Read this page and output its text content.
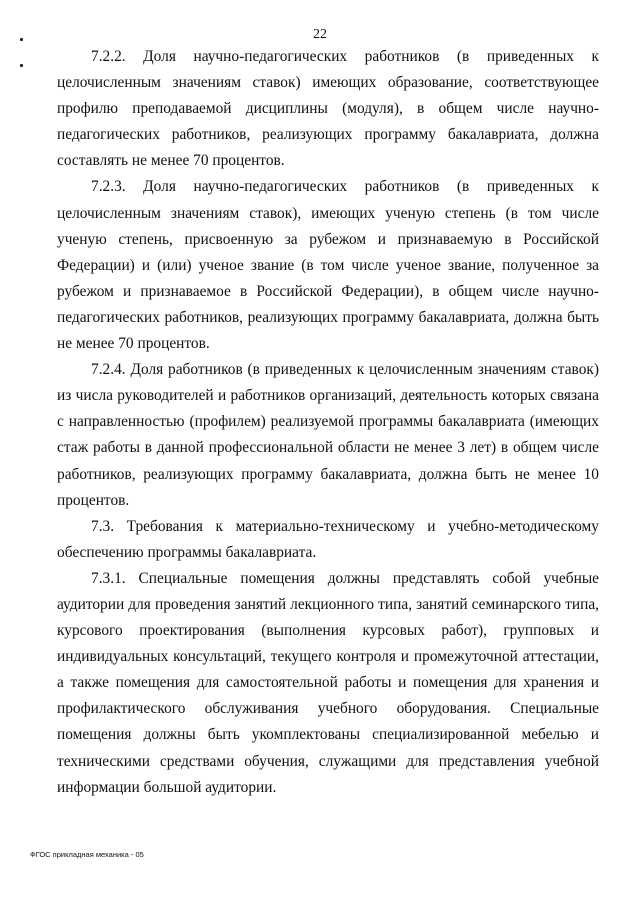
22

7.2.2. Доля научно-педагогических работников (в приведенных к целочисленным значениям ставок) имеющих образование, соответствующее профилю преподаваемой дисциплины (модуля), в общем числе научно-педагогических работников, реализующих программу бакалавриата, должна составлять не менее 70 процентов.

7.2.3. Доля научно-педагогических работников (в приведенных к целочисленным значениям ставок), имеющих ученую степень (в том числе ученую степень, присвоенную за рубежом и признаваемую в Российской Федерации) и (или) ученое звание (в том числе ученое звание, полученное за рубежом и признаваемое в Российской Федерации), в общем числе научно-педагогических работников, реализующих программу бакалавриата, должна быть не менее 70 процентов.

7.2.4. Доля работников (в приведенных к целочисленным значениям ставок) из числа руководителей и работников организаций, деятельность которых связана с направленностью (профилем) реализуемой программы бакалавриата (имеющих стаж работы в данной профессиональной области не менее 3 лет) в общем числе работников, реализующих программу бакалавриата, должна быть не менее 10 процентов.

7.3. Требования к материально-техническому и учебно-методическому обеспечению программы бакалавриата.

7.3.1. Специальные помещения должны представлять собой учебные аудитории для проведения занятий лекционного типа, занятий семинарского типа, курсового проектирования (выполнения курсовых работ), групповых и индивидуальных консультаций, текущего контроля и промежуточной аттестации, а также помещения для самостоятельной работы и помещения для хранения и профилактического обслуживания учебного оборудования. Специальные помещения должны быть укомплектованы специализированной мебелью и техническими средствами обучения, служащими для представления учебной информации большой аудитории.

ФГОС прикладная механика - 05
